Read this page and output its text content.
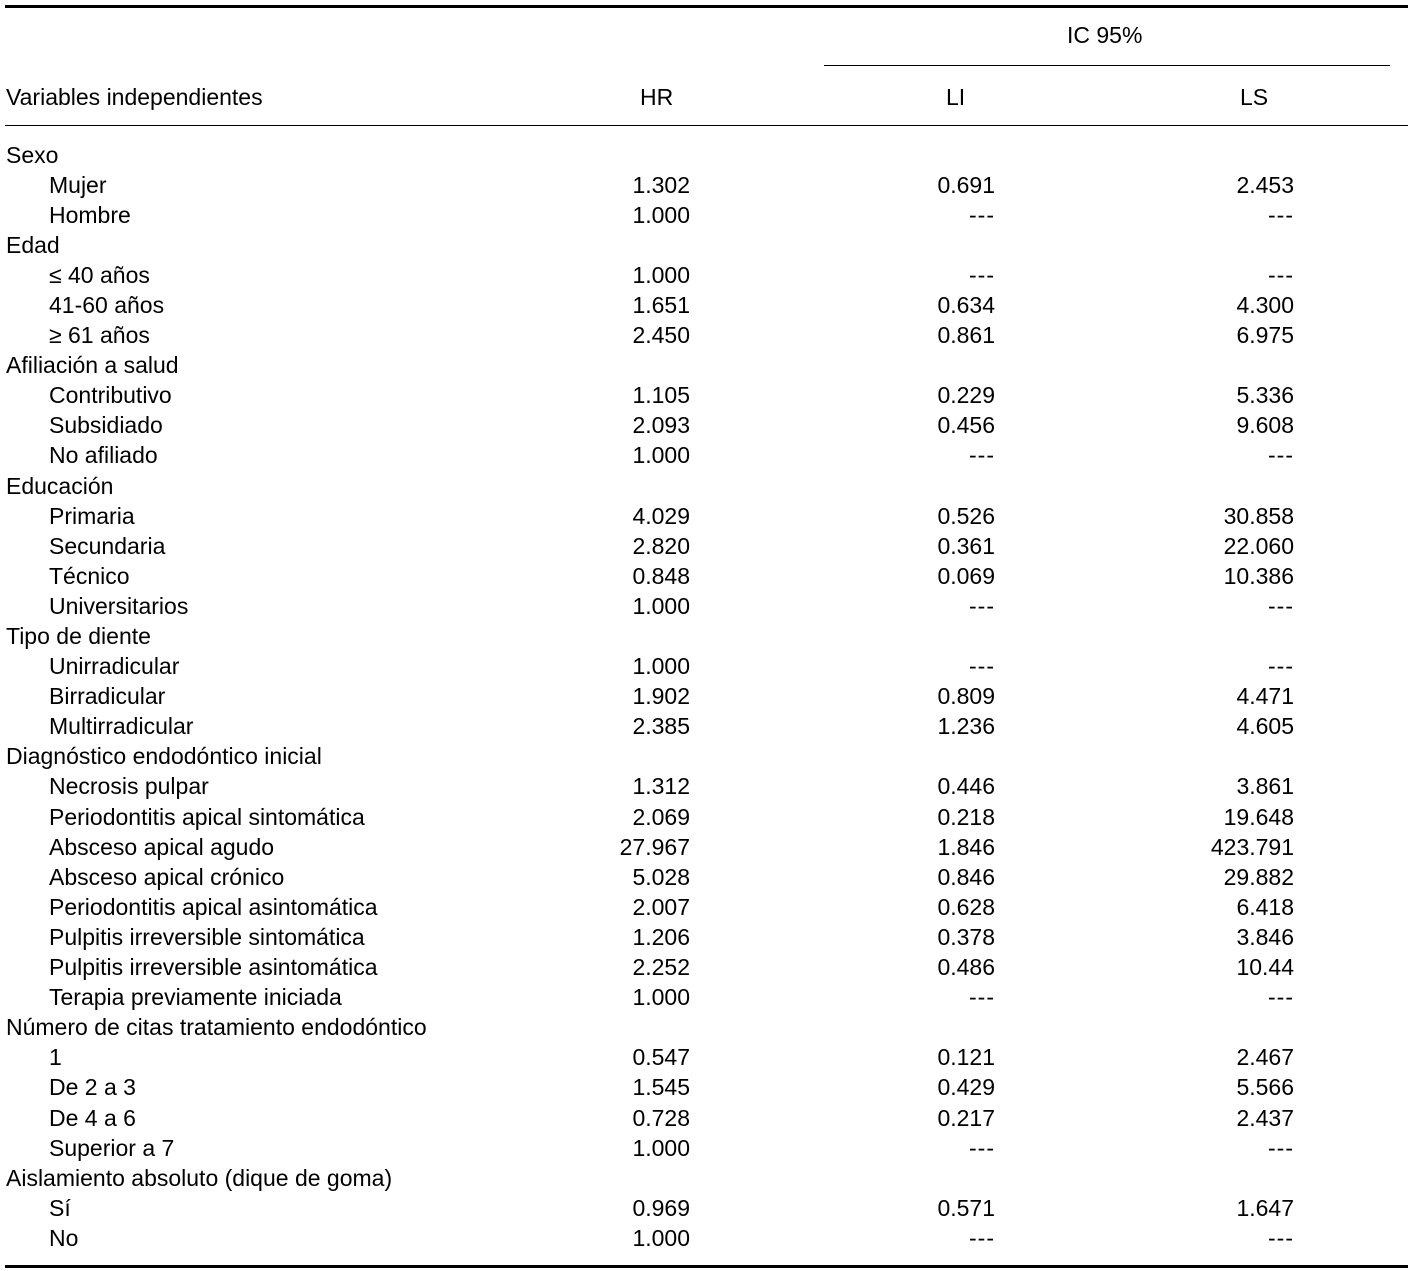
IC 95%
Variables independientes	HR	LI	LS
Sexo
Mujer	1.302	0.691	2.453
Hombre	1.000	---	---
Edad
≤ 40 años	1.000	---	---
41-60 años	1.651	0.634	4.300
≥ 61 años	2.450	0.861	6.975
Afiliación a salud
Contributivo	1.105	0.229	5.336
Subsidiado	2.093	0.456	9.608
No afiliado	1.000	---	---
Educación
Primaria	4.029	0.526	30.858
Secundaria	2.820	0.361	22.060
Técnico	0.848	0.069	10.386
Universitarios	1.000	---	---
Tipo de diente
Unirradicular	1.000	---	---
Birradicular	1.902	0.809	4.471
Multirradicular	2.385	1.236	4.605
Diagnóstico endodóntico inicial
Necrosis pulpar	1.312	0.446	3.861
Periodontitis apical sintomática	2.069	0.218	19.648
Absceso apical agudo	27.967	1.846	423.791
Absceso apical crónico	5.028	0.846	29.882
Periodontitis apical asintomática	2.007	0.628	6.418
Pulpitis irreversible sintomática	1.206	0.378	3.846
Pulpitis irreversible asintomática	2.252	0.486	10.44
Terapia previamente iniciada	1.000	---	---
Número de citas tratamiento endodóntico
1	0.547	0.121	2.467
De 2 a 3	1.545	0.429	5.566
De 4 a 6	0.728	0.217	2.437
Superior a 7	1.000	---	---
Aislamiento absoluto (dique de goma)
Sí	0.969	0.571	1.647
No	1.000	---	---
